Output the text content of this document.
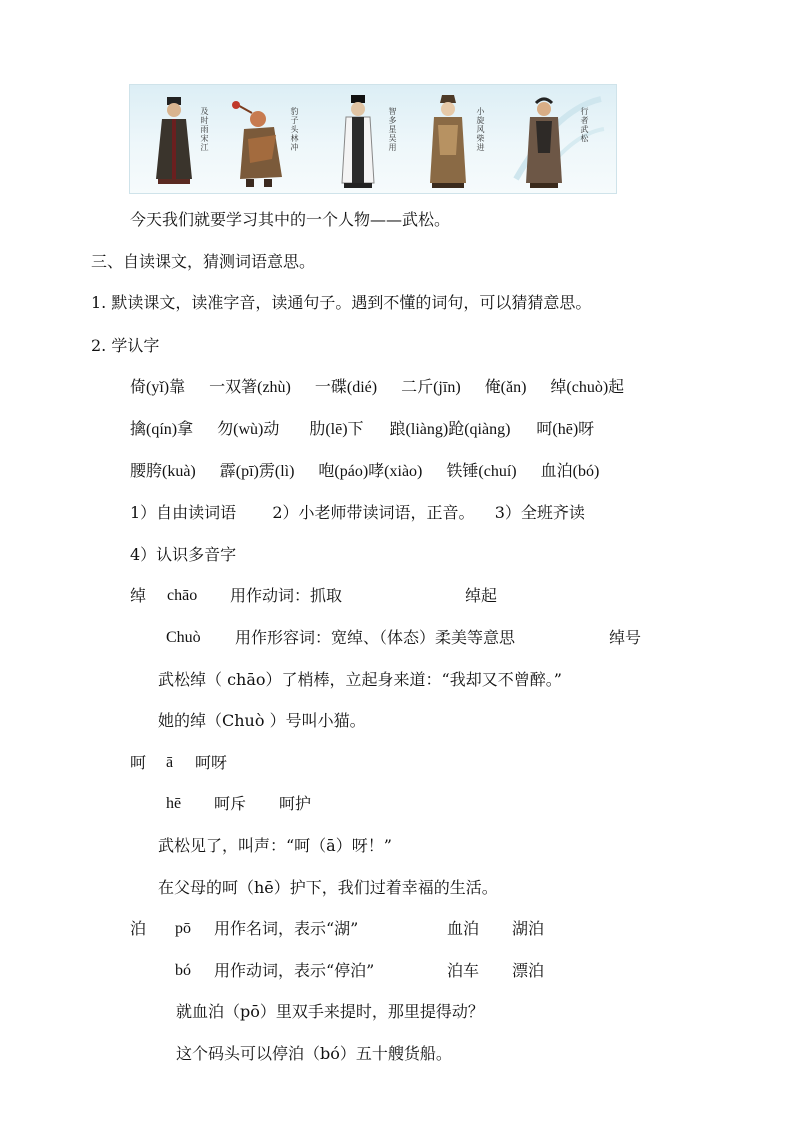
及时雨宋江	豹子头林冲	智多星吴用	小旋风柴进	行者武松
今天我们就要学习其中的一个人物——武松。
三、自读课文，猜测词语意思。
1. 默读课文，读准字音，读通句子。遇到不懂的词句，可以猜猜意思。
2. 学认字
倚(yǐ)靠 一双箸(zhù) 一碟(dié) 二斤(jīn) 俺(ǎn) 绰(chuò)起
擒(qín)拿 勿(wù)动 肋(lē)下 踉(liàng)跄(qiàng) 呵(hē)呀
腰胯(kuà) 霹(pī)雳(lì) 咆(páo)哮(xiào) 铁锤(chuí) 血泊(bó)
1）自由读词语 2）小老师带读词语，正音。 3）全班齐读
4）认识多音字
绰 chāo 用作动词：抓取	绰起
Chuò 用作形容词：宽绰、（体态）柔美等意思	绰号
武松绰（ chāo）了梢棒，立起身来道：“我却又不曾醉。”
她的绰（Chuò ）号叫小猫。
呵 ā 呵呀
hē 呵斥 呵护
武松见了，叫声：“呵（ā）呀！”
在父母的呵（hē）护下，我们过着幸福的生活。
泊 pō 用作名词，表示“湖”	血泊 湖泊
bó 用作动词，表示“停泊”	泊车 漂泊
就血泊（pō）里双手来提时，那里提得动？
这个码头可以停泊（bó）五十艘货船。
